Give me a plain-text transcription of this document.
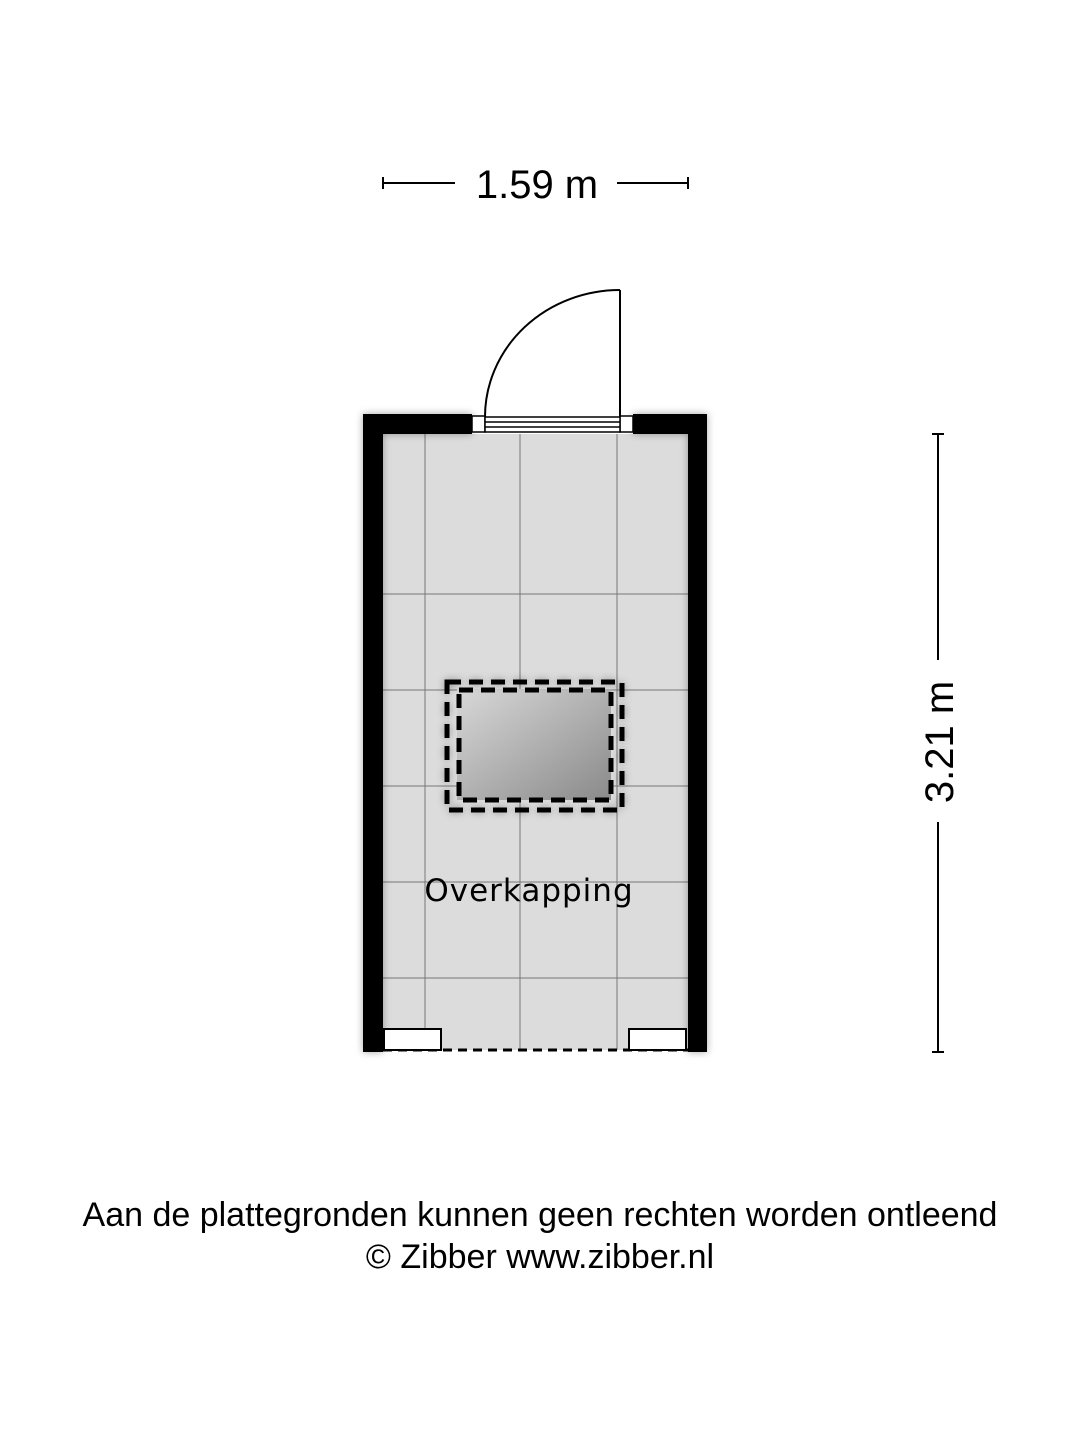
1.59 m
3.21 m
Overkapping
Aan de plattegronden kunnen geen rechten worden ontleend
© Zibber www.zibber.nl
